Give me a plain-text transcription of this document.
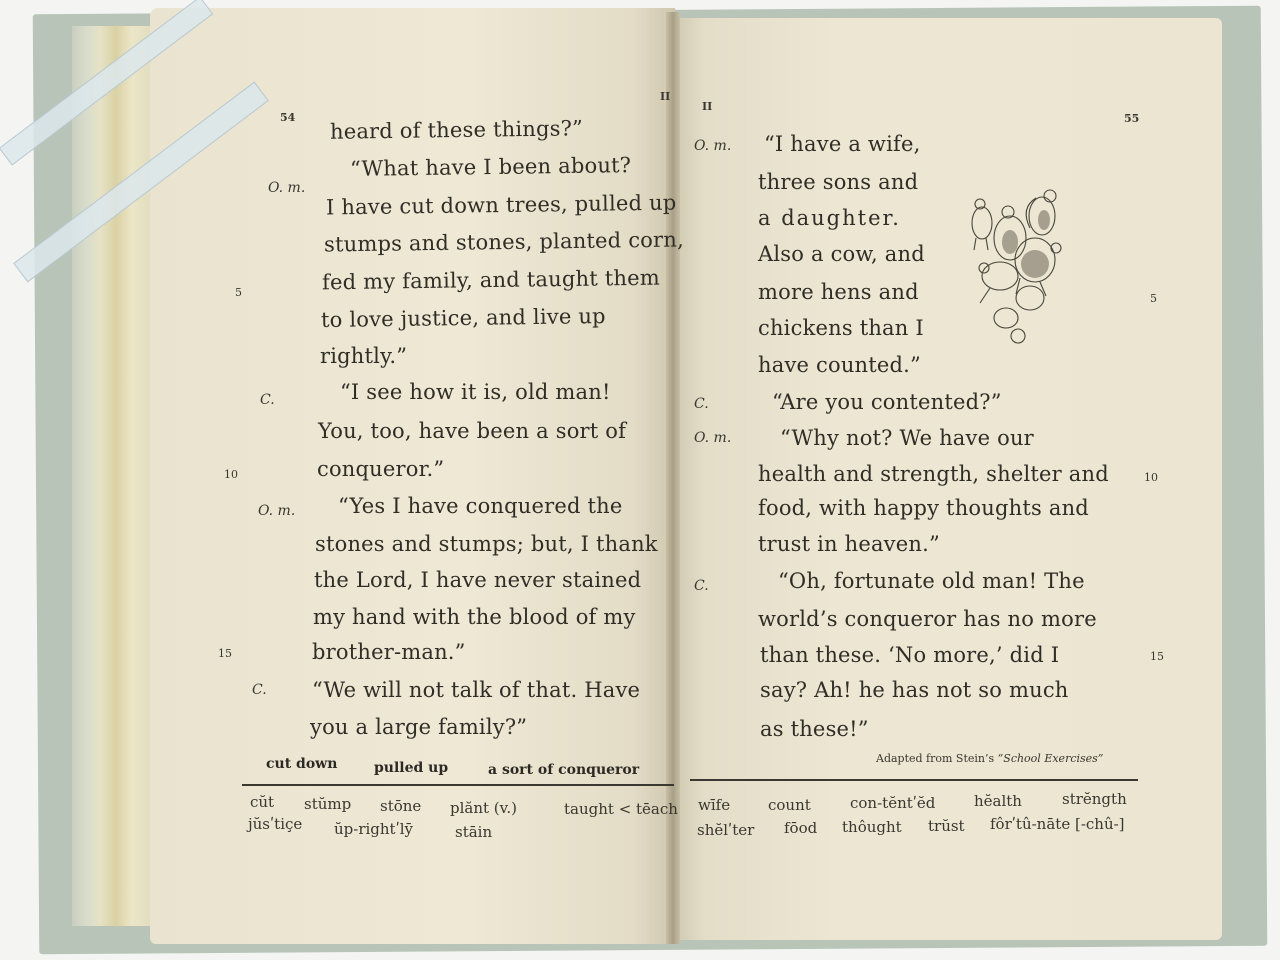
54
II
heard of these things?”
“What have I been about?
I have cut down trees, pulled up
stumps and stones, planted corn,
fed my family, and taught them
to love justice, and live up
rightly.”
“I see how it is, old man!
You, too, have been a sort of
conqueror.”
“Yes I have conquered the
stones and stumps; but, I thank
the Lord, I have never stained
my hand with the blood of my
brother-man.”
“We will not talk of that. Have
you a large family?”
O. m.
C.
O. m.
C.
5
10
15
cut down	pulled up	a sort of conqueror
cŭt stŭmp stōne plănt (v.)	taught < tēach
jŭsʹtiçe ŭp-rightʹlȳ	stāin
II
55
“I have a wife,
three sons and
a daughter.
Also a cow, and
more hens and
chickens than I
have counted.”
“Are you contented?”
“Why not? We have our
health and strength, shelter and
food, with happy thoughts and
trust in heaven.”
“Oh, fortunate old man! The
world’s conqueror has no more
than these. ‘No more,’ did I
say? Ah! he has not so much
as these!”
O. m.
C.
O. m.
C.
5
10
15
Adapted from Stein’s “School Exercises”
wīfe	count	con-tĕntʹĕd	hĕalth	strĕngth
shĕlʹter fōod thôught trŭst fôrʹtû-nāte [-chû-]
